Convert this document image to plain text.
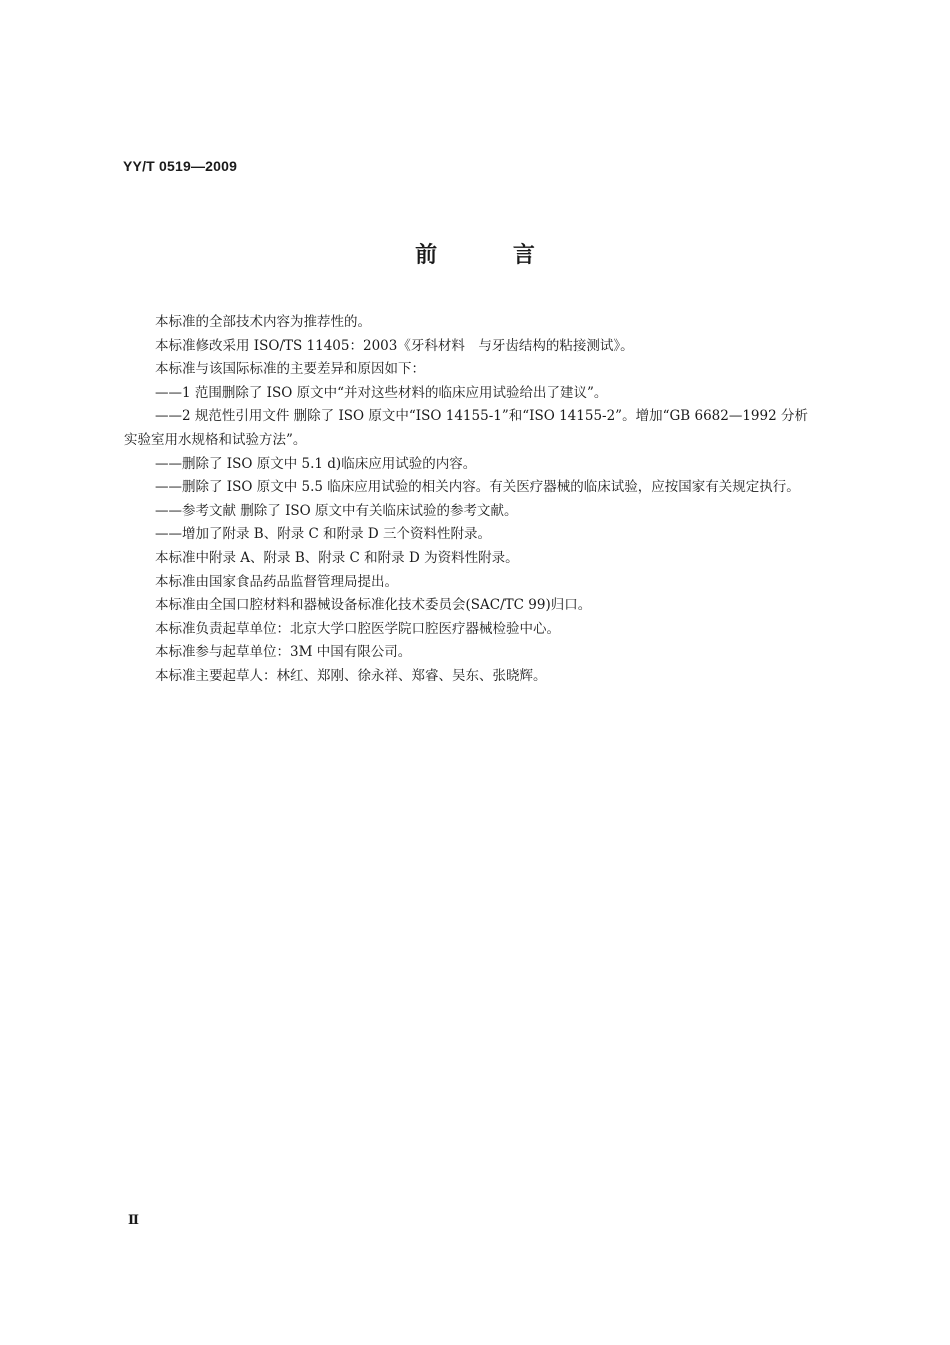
YY/T 0519—2009
前 言

本标准的全部技术内容为推荐性的。

本标准修改采用 ISO/TS 11405：2003《牙科材料　与牙齿结构的粘接测试》。

本标准与该国际标准的主要差异和原因如下：

——1 范围删除了 ISO 原文中“并对这些材料的临床应用试验给出了建议”。

——2 规范性引用文件 删除了 ISO 原文中“ISO 14155-1”和“ISO 14155-2”。增加“GB 6682—1992 分析实验室用水规格和试验方法”。

——删除了 ISO 原文中 5.1 d)临床应用试验的内容。

——删除了 ISO 原文中 5.5 临床应用试验的相关内容。有关医疗器械的临床试验，应按国家有关规定执行。

——参考文献 删除了 ISO 原文中有关临床试验的参考文献。

——增加了附录 B、附录 C 和附录 D 三个资料性附录。

本标准中附录 A、附录 B、附录 C 和附录 D 为资料性附录。

本标准由国家食品药品监督管理局提出。

本标准由全国口腔材料和器械设备标准化技术委员会(SAC/TC 99)归口。

本标准负责起草单位：北京大学口腔医学院口腔医疗器械检验中心。

本标准参与起草单位：3M 中国有限公司。

本标准主要起草人：林红、郑刚、徐永祥、郑睿、吴东、张晓辉。

Ⅱ
